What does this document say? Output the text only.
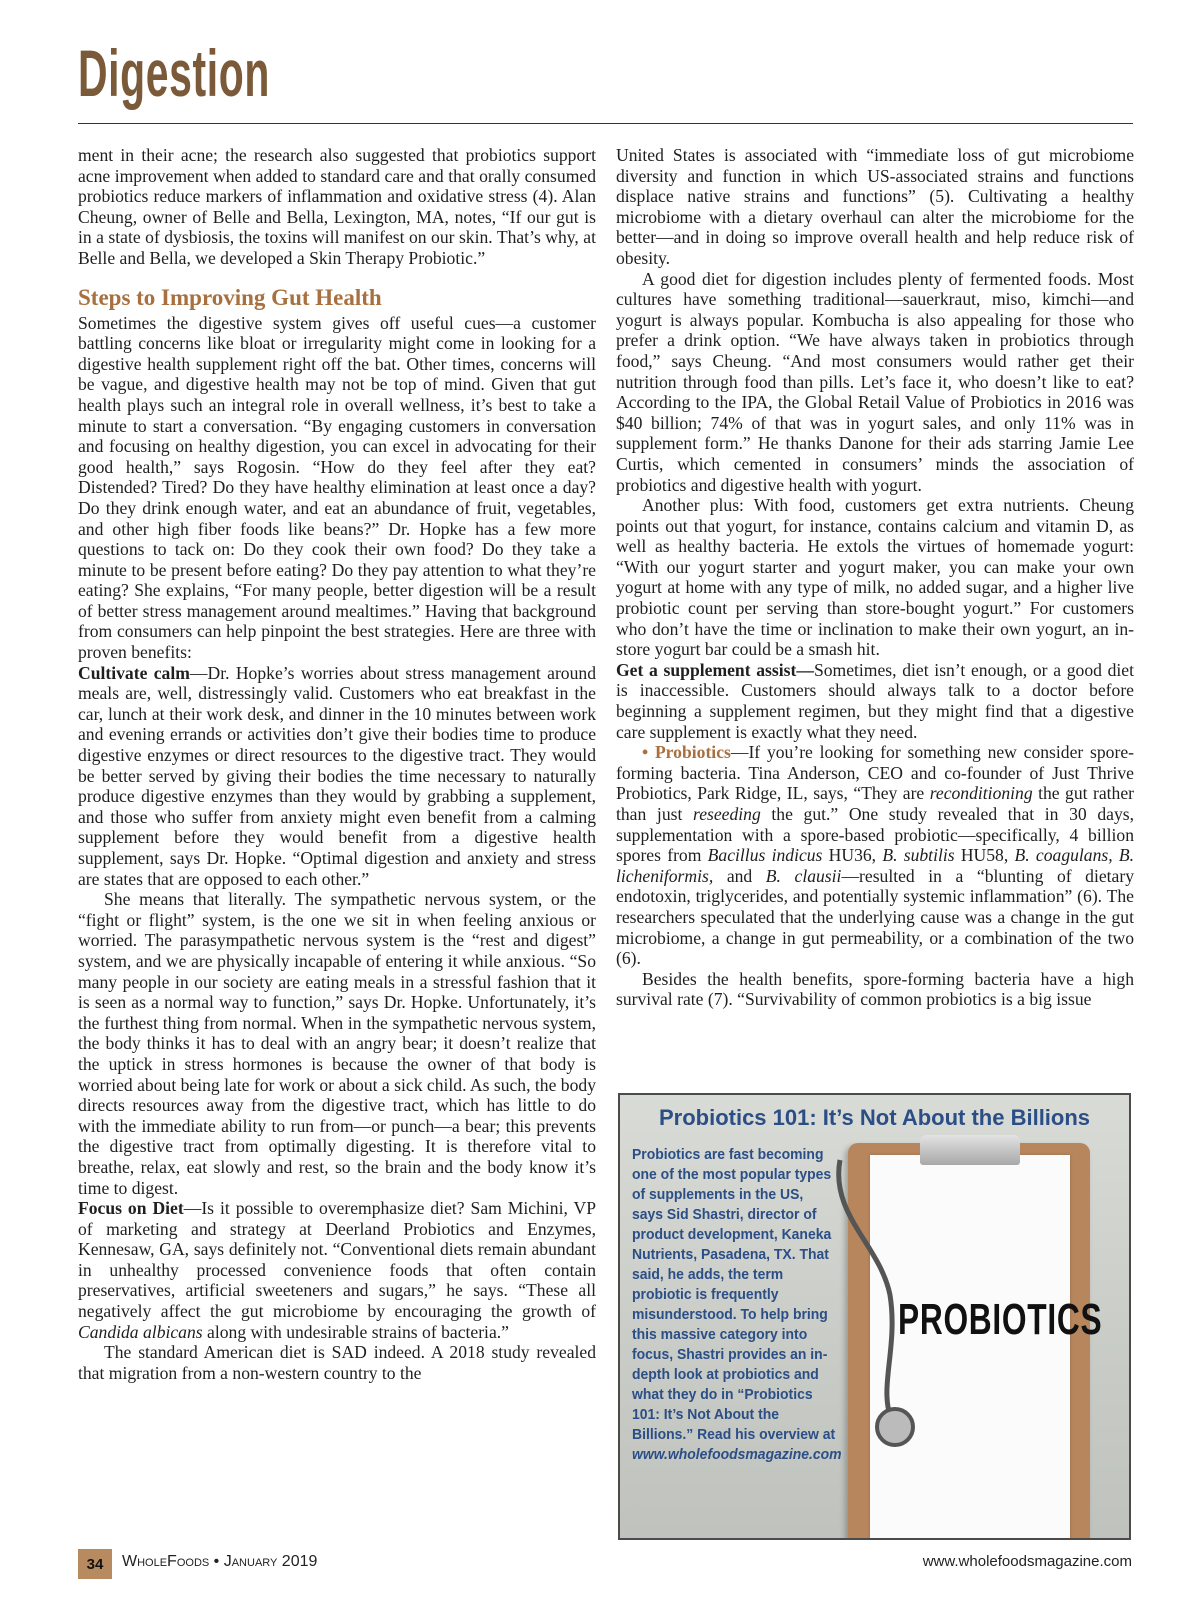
Digestion

ment in their acne; the research also suggested that probiotics support acne improvement when added to standard care and that orally consumed probiotics reduce markers of inflammation and oxidative stress (4). Alan Cheung, owner of Belle and Bella, Lexington, MA, notes, “If our gut is in a state of dysbiosis, the toxins will manifest on our skin. That’s why, at Belle and Bella, we developed a Skin Therapy Probiotic.”

Steps to Improving Gut Health

Sometimes the digestive system gives off useful cues—a customer battling concerns like bloat or irregularity might come in looking for a digestive health supplement right off the bat. Other times, concerns will be vague, and digestive health may not be top of mind. Given that gut health plays such an integral role in overall wellness, it’s best to take a minute to start a conversation. “By engaging customers in conversation and focusing on healthy digestion, you can excel in advocating for their good health,” says Rogosin. “How do they feel after they eat? Distended? Tired? Do they have healthy elimination at least once a day? Do they drink enough water, and eat an abundance of fruit, vegetables, and other high fiber foods like beans?” Dr. Hopke has a few more questions to tack on: Do they cook their own food? Do they take a minute to be present before eating? Do they pay attention to what they’re eating? She explains, “For many people, better digestion will be a result of better stress management around mealtimes.” Having that background from consumers can help pinpoint the best strategies. Here are three with proven benefits:

Cultivate calm—Dr. Hopke’s worries about stress management around meals are, well, distressingly valid. Customers who eat breakfast in the car, lunch at their work desk, and dinner in the 10 minutes between work and evening errands or activities don’t give their bodies time to produce digestive enzymes or direct resources to the digestive tract. They would be better served by giving their bodies the time necessary to naturally produce digestive enzymes than they would by grabbing a supplement, and those who suffer from anxiety might even benefit from a calming supplement before they would benefit from a digestive health supplement, says Dr. Hopke. “Optimal digestion and anxiety and stress are states that are opposed to each other.”

She means that literally. The sympathetic nervous system, or the “fight or flight” system, is the one we sit in when feeling anxious or worried. The parasympathetic nervous system is the “rest and digest” system, and we are physically incapable of entering it while anxious. “So many people in our society are eating meals in a stressful fashion that it is seen as a normal way to function,” says Dr. Hopke. Unfortunately, it’s the furthest thing from normal. When in the sympathetic nervous system, the body thinks it has to deal with an angry bear; it doesn’t realize that the uptick in stress hormones is because the owner of that body is worried about being late for work or about a sick child. As such, the body directs resources away from the digestive tract, which has little to do with the immediate ability to run from—or punch—a bear; this prevents the digestive tract from optimally digesting. It is therefore vital to breathe, relax, eat slowly and rest, so the brain and the body know it’s time to digest.

Focus on Diet—Is it possible to overemphasize diet? Sam Michini, VP of marketing and strategy at Deerland Probiotics and Enzymes, Kennesaw, GA, says definitely not. “Conventional diets remain abundant in unhealthy processed convenience foods that often contain preservatives, artificial sweeteners and sugars,” he says. “These all negatively affect the gut microbiome by encouraging the growth of Candida albicans along with undesirable strains of bacteria.”

The standard American diet is SAD indeed. A 2018 study revealed that migration from a non-western country to the

United States is associated with “immediate loss of gut microbiome diversity and function in which US-associated strains and functions displace native strains and functions” (5). Cultivating a healthy microbiome with a dietary overhaul can alter the microbiome for the better—and in doing so improve overall health and help reduce risk of obesity.

A good diet for digestion includes plenty of fermented foods. Most cultures have something traditional—sauerkraut, miso, kimchi—and yogurt is always popular. Kombucha is also appealing for those who prefer a drink option. “We have always taken in probiotics through food,” says Cheung. “And most consumers would rather get their nutrition through food than pills. Let’s face it, who doesn’t like to eat? According to the IPA, the Global Retail Value of Probiotics in 2016 was $40 billion; 74% of that was in yogurt sales, and only 11% was in supplement form.” He thanks Danone for their ads starring Jamie Lee Curtis, which cemented in consumers’ minds the association of probiotics and digestive health with yogurt.

Another plus: With food, customers get extra nutrients. Cheung points out that yogurt, for instance, contains calcium and vitamin D, as well as healthy bacteria. He extols the virtues of homemade yogurt: “With our yogurt starter and yogurt maker, you can make your own yogurt at home with any type of milk, no added sugar, and a higher live probiotic count per serving than store-bought yogurt.” For customers who don’t have the time or inclination to make their own yogurt, an in-store yogurt bar could be a smash hit.

Get a supplement assist—Sometimes, diet isn’t enough, or a good diet is inaccessible. Customers should always talk to a doctor before beginning a supplement regimen, but they might find that a digestive care supplement is exactly what they need.

• Probiotics—If you’re looking for something new consider spore-forming bacteria. Tina Anderson, CEO and co-founder of Just Thrive Probiotics, Park Ridge, IL, says, “They are reconditioning the gut rather than just reseeding the gut.” One study revealed that in 30 days, supplementation with a spore-based probiotic—specifically, 4 billion spores from Bacillus indicus HU36, B. subtilis HU58, B. coagulans, B. licheniformis, and B. clausii—resulted in a “blunting of dietary endotoxin, triglycerides, and potentially systemic inflammation” (6). The researchers speculated that the underlying cause was a change in the gut microbiome, a change in gut permeability, or a combination of the two (6).

Besides the health benefits, spore-forming bacteria have a high survival rate (7). “Survivability of common probiotics is a big issue

PROBIOTICS
Probiotics 101: It’s Not About the Billions
Probiotics are fast becoming one of the most popular types of supplements in the US, says Sid Shastri, director of product development, Kaneka Nutrients, Pasadena, TX. That said, he adds, the term probiotic is frequently misunderstood. To help bring this massive category into focus, Shastri provides an in-depth look at probiotics and what they do in “Probiotics 101: It’s Not About the Billions.” Read his overview at www.wholefoodsmagazine.com
34	WholeFoods • January 2019	www.wholefoodsmagazine.com
